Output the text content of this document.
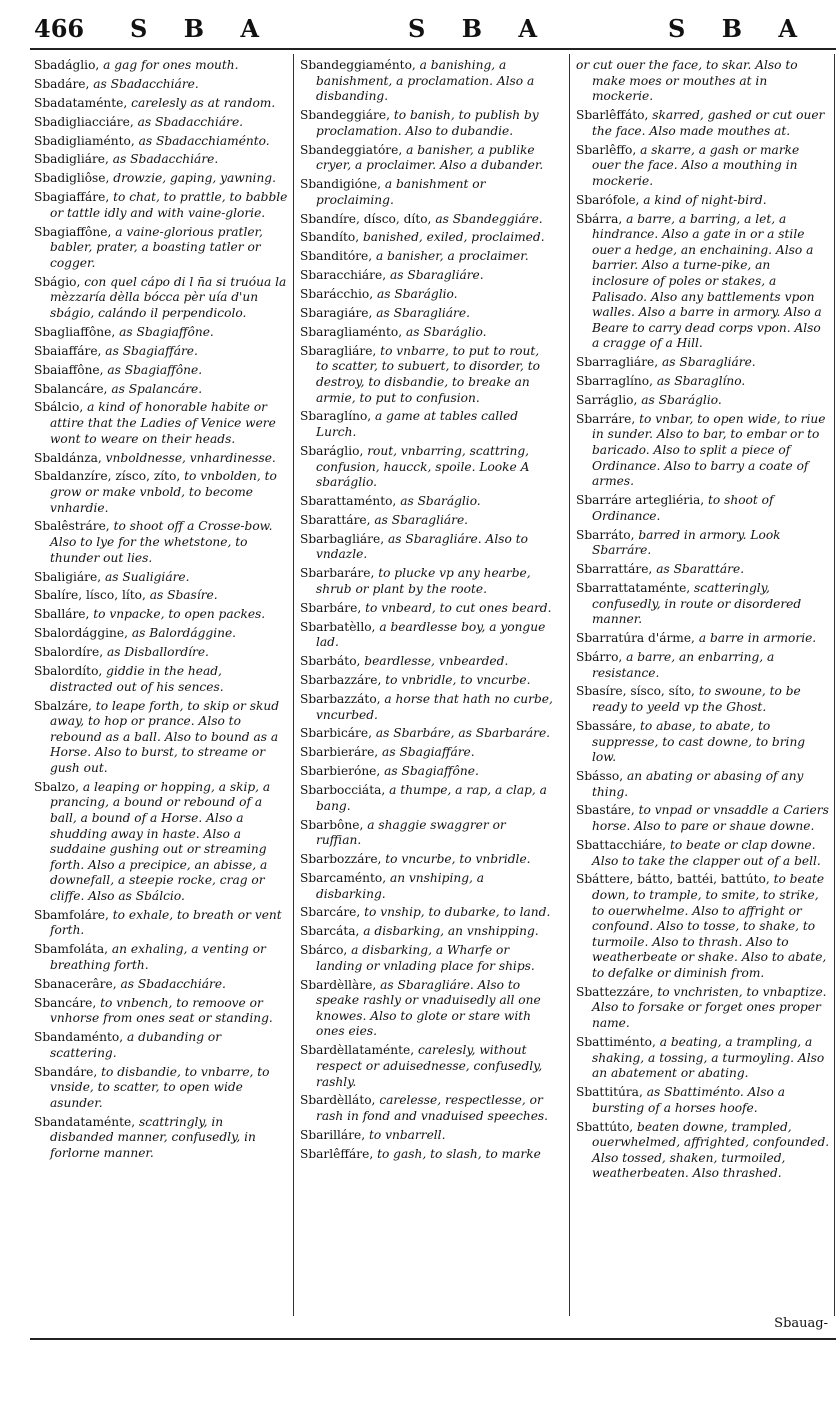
466 S B A	S B A	S B A

Sbadáglio, a gag for ones mouth.

Sbadáre, as Sbadacchiáre.

Sbadataménte, carelesly as at random.

Sbadigliacciáre, as Sbadacchiáre.

Sbadigliaménto, as Sbadacchiaménto.

Sbadigliáre, as Sbadacchiáre.

Sbadigliôse, drowzie, gaping, yawning.

Sbagiaffáre, to chat, to prattle, to babble or tattle idly and with vaine-glorie.

Sbagiaffône, a vaine-glorious pratler, babler, prater, a boasting tatler or cogger.

Sbágio, con quel cápo di l n̄a si truóua la mèzzaría dèlla bócca pèr uía d'un sbágio, calándo il perpendicolo.

Sbagliaffône, as Sbagiaffône.

Sbaiaffáre, as Sbagiaffáre.

Sbaiaffône, as Sbagiaffône.

Sbalancáre, as Spalancáre.

Sbálcio, a kind of honorable habite or attire that the Ladies of Venice were wont to weare on their heads.

Sbaldánza, vnboldnesse, vnhardinesse.

Sbaldanzíre, zísco, zíto, to vnbolden, to grow or make vnbold, to become vnhardie.

Sbalêstráre, to shoot off a Crosse-bow. Also to lye for the whetstone, to thunder out lies.

Sbaligiáre, as Sualigiáre.

Sbalíre, lísco, líto, as Sbasíre.

Sballáre, to vnpacke, to open packes.

Sbalordággine, as Balordággine.

Sbalordíre, as Disballordíre.

Sbalordíto, giddie in the head, distracted out of his sences.

Sbalzáre, to leape forth, to skip or skud away, to hop or prance. Also to rebound as a ball. Also to bound as a Horse. Also to burst, to streame or gush out.

Sbalzo, a leaping or hopping, a skip, a prancing, a bound or rebound of a ball, a bound of a Horse. Also a shudding away in haste. Also a suddaine gushing out or streaming forth. Also a precipice, an abisse, a downefall, a steepie rocke, crag or cliffe. Also as Sbálcio.

Sbamfoláre, to exhale, to breath or vent forth.

Sbamfoláta, an exhaling, a venting or breathing forth.

Sbanacerâre, as Sbadacchiáre.

Sbancáre, to vnbench, to remoove or vnhorse from ones seat or standing.

Sbandaménto, a dubanding or scattering.

Sbandáre, to disbandie, to vnbarre, to vnside, to scatter, to open wide asunder.

Sbandataménte, scattringly, in disbanded manner, confusedly, in forlorne manner.

Sbandeggiaménto, a banishing, a banishment, a proclamation. Also a disbanding.

Sbandeggiáre, to banish, to publish by proclamation. Also to dubandie.

Sbandeggiatóre, a banisher, a publike cryer, a proclaimer. Also a dubander.

Sbandigióne, a banishment or proclaiming.

Sbandíre, dísco, díto, as Sbandeggiáre.

Sbandíto, banished, exiled, proclaimed.

Sbanditóre, a banisher, a proclaimer.

Sbaracchiáre, as Sbaragliáre.

Sbarácchio, as Sbaráglio.

Sbaragiáre, as Sbaragliáre.

Sbaragliaménto, as Sbaráglio.

Sbaragliáre, to vnbarre, to put to rout, to scatter, to subuert, to disorder, to destroy, to disbandie, to breake an armie, to put to confusion.

Sbaraglíno, a game at tables called Lurch.

Sbaráglio, rout, vnbarring, scattring, confusion, haucck, spoile. Looke A sbaráglio.

Sbarattaménto, as Sbaráglio.

Sbarattáre, as Sbaragliáre.

Sbarbagliáre, as Sbaragliáre. Also to vndazle.

Sbarbaráre, to plucke vp any hearbe, shrub or plant by the roote.

Sbarbáre, to vnbeard, to cut ones beard.

Sbarbatèllo, a beardlesse boy, a yongue lad.

Sbarbáto, beardlesse, vnbearded.

Sbarbazzáre, to vnbridle, to vncurbe.

Sbarbazzáto, a horse that hath no curbe, vncurbed.

Sbarbicáre, as Sbarbáre, as Sbarbaráre.

Sbarbieráre, as Sbagiaffáre.

Sbarbieróne, as Sbagiaffône.

Sbarbocciáta, a thumpe, a rap, a clap, a bang.

Sbarbône, a shaggie swaggrer or ruffian.

Sbarbozzáre, to vncurbe, to vnbridle.

Sbarcaménto, an vnshiping, a disbarking.

Sbarcáre, to vnship, to dubarke, to land.

Sbarcáta, a disbarking, an vnshipping.

Sbárco, a disbarking, a Wharfe or landing or vnlading place for ships.

Sbardèllàre, as Sbaragliáre. Also to speake rashly or vnaduisedly all one knowes. Also to glote or stare with ones eies.

Sbardèllataménte, carelesly, without respect or aduisednesse, confusedly, rashly.

Sbardèlláto, carelesse, respectlesse, or rash in fond and vnaduised speeches.

Sbarilláre, to vnbarrell.

Sbarlêffáre, to gash, to slash, to marke

or cut ouer the face, to skar. Also to make moes or mouthes at in mockerie.

Sbarlêffáto, skarred, gashed or cut ouer the face. Also made mouthes at.

Sbarlêffo, a skarre, a gash or marke ouer the face. Also a mouthing in mockerie.

Sbarófole, a kind of night-bird.

Sbárra, a barre, a barring, a let, a hindrance. Also a gate in or a stile ouer a hedge, an enchaining. Also a barrier. Also a turne-pike, an inclosure of poles or stakes, a Palisado. Also any battlements vpon walles. Also a barre in armory. Also a Beare to carry dead corps vpon. Also a cragge of a Hill.

Sbarragliáre, as Sbaragliáre.

Sbarraglíno, as Sbaraglíno.

Sarráglio, as Sbaráglio.

Sbarráre, to vnbar, to open wide, to riue in sunder. Also to bar, to embar or to baricado. Also to split a piece of Ordinance. Also to barry a coate of armes.

Sbarráre artegliéria, to shoot of Ordinance.

Sbarráto, barred in armory. Look Sbarráre.

Sbarrattáre, as Sbarattáre.

Sbarrattataménte, scatteringly, confusedly, in route or disordered manner.

Sbarratúra d'árme, a barre in armorie.

Sbárro, a barre, an enbarring, a resistance.

Sbasíre, sísco, síto, to swoune, to be ready to yeeld vp the Ghost.

Sbassáre, to abase, to abate, to suppresse, to cast downe, to bring low.

Sbásso, an abating or abasing of any thing.

Sbastáre, to vnpad or vnsaddle a Cariers horse. Also to pare or shaue downe.

Sbattacchiáre, to beate or clap downe. Also to take the clapper out of a bell.

Sbáttere, bátto, battéi, battúto, to beate down, to trample, to smite, to strike, to ouerwhelme. Also to affright or confound. Also to tosse, to shake, to turmoile. Also to thrash. Also to weatherbeate or shake. Also to abate, to defalke or diminish from.

Sbattezzáre, to vnchristen, to vnbaptize. Also to forsake or forget ones proper name.

Sbattiménto, a beating, a trampling, a shaking, a tossing, a turmoyling. Also an abatement or abating.

Sbattitúra, as Sbattiménto. Also a bursting of a horses hoofe.

Sbattúto, beaten downe, trampled, ouerwhelmed, affrighted, confounded. Also tossed, shaken, turmoiled, weatherbeaten. Also thrashed.

Sbauag-
